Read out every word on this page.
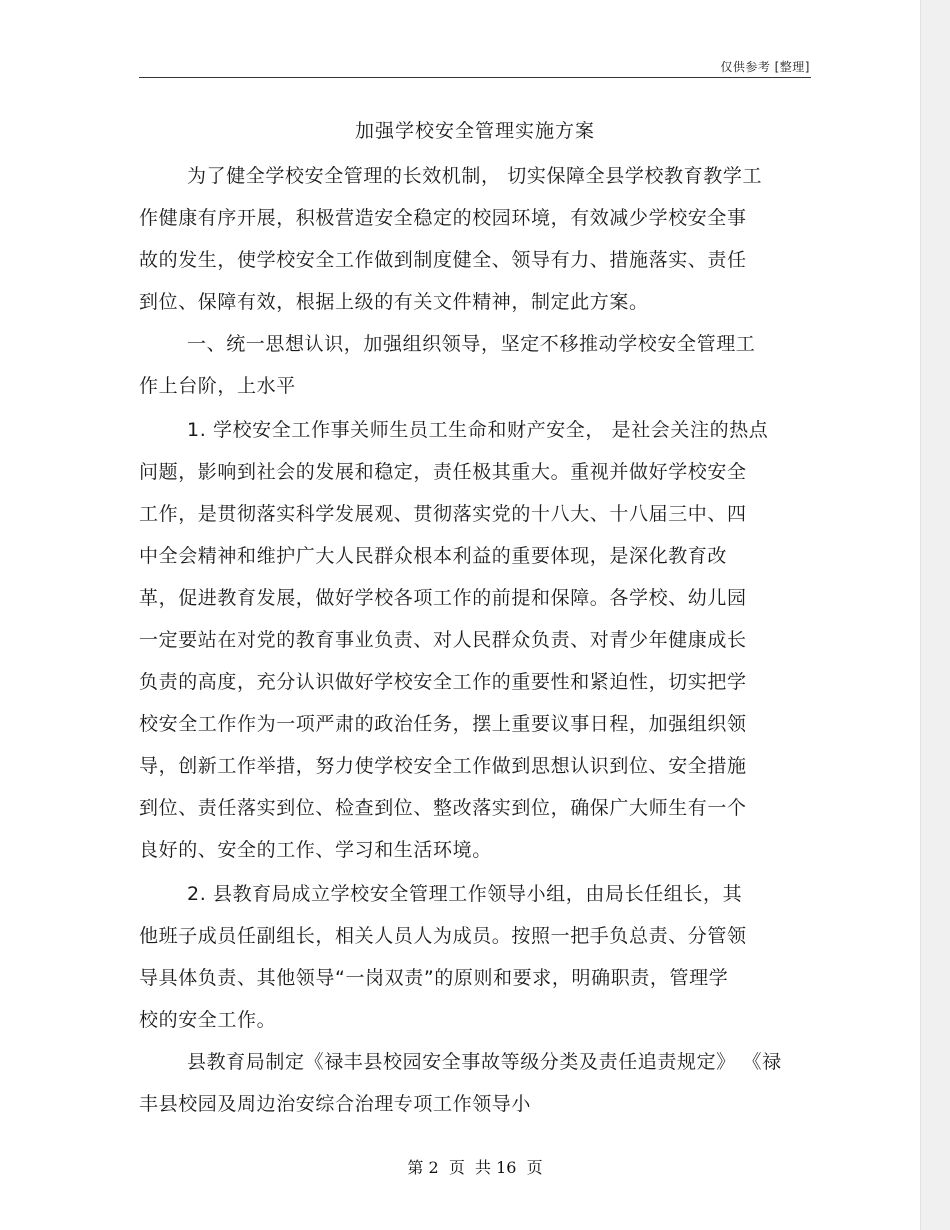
仅供参考 [整理]
加强学校安全管理实施方案
为了健全学校安全管理的长效机制， 切实保障全县学校教育教学工
作健康有序开展，积极营造安全稳定的校园环境，有效减少学校安全事
故的发生，使学校安全工作做到制度健全、领导有力、措施落实、责任
到位、保障有效，根据上级的有关文件精神，制定此方案。
一、统一思想认识，加强组织领导，坚定不移推动学校安全管理工
作上台阶，上水平
1. 学校安全工作事关师生员工生命和财产安全， 是社会关注的热点
问题，影响到社会的发展和稳定，责任极其重大。重视并做好学校安全
工作，是贯彻落实科学发展观、贯彻落实党的十八大、十八届三中、四
中全会精神和维护广大人民群众根本利益的重要体现，是深化教育改
革，促进教育发展，做好学校各项工作的前提和保障。各学校、幼儿园
一定要站在对党的教育事业负责、对人民群众负责、对青少年健康成长
负责的高度，充分认识做好学校安全工作的重要性和紧迫性，切实把学
校安全工作作为一项严肃的政治任务，摆上重要议事日程，加强组织领
导，创新工作举措，努力使学校安全工作做到思想认识到位、安全措施
到位、责任落实到位、检查到位、整改落实到位，确保广大师生有一个
良好的、安全的工作、学习和生活环境。
2. 县教育局成立学校安全管理工作领导小组，由局长任组长，其
他班子成员任副组长，相关人员人为成员。按照一把手负总责、分管领
导具体负责、其他领导“一岗双责”的原则和要求，明确职责，管理学
校的安全工作。
县教育局制定《禄丰县校园安全事故等级分类及责任追责规定》 《禄
丰县校园及周边治安综合治理专项工作领导小
第 2  页  共 16  页
